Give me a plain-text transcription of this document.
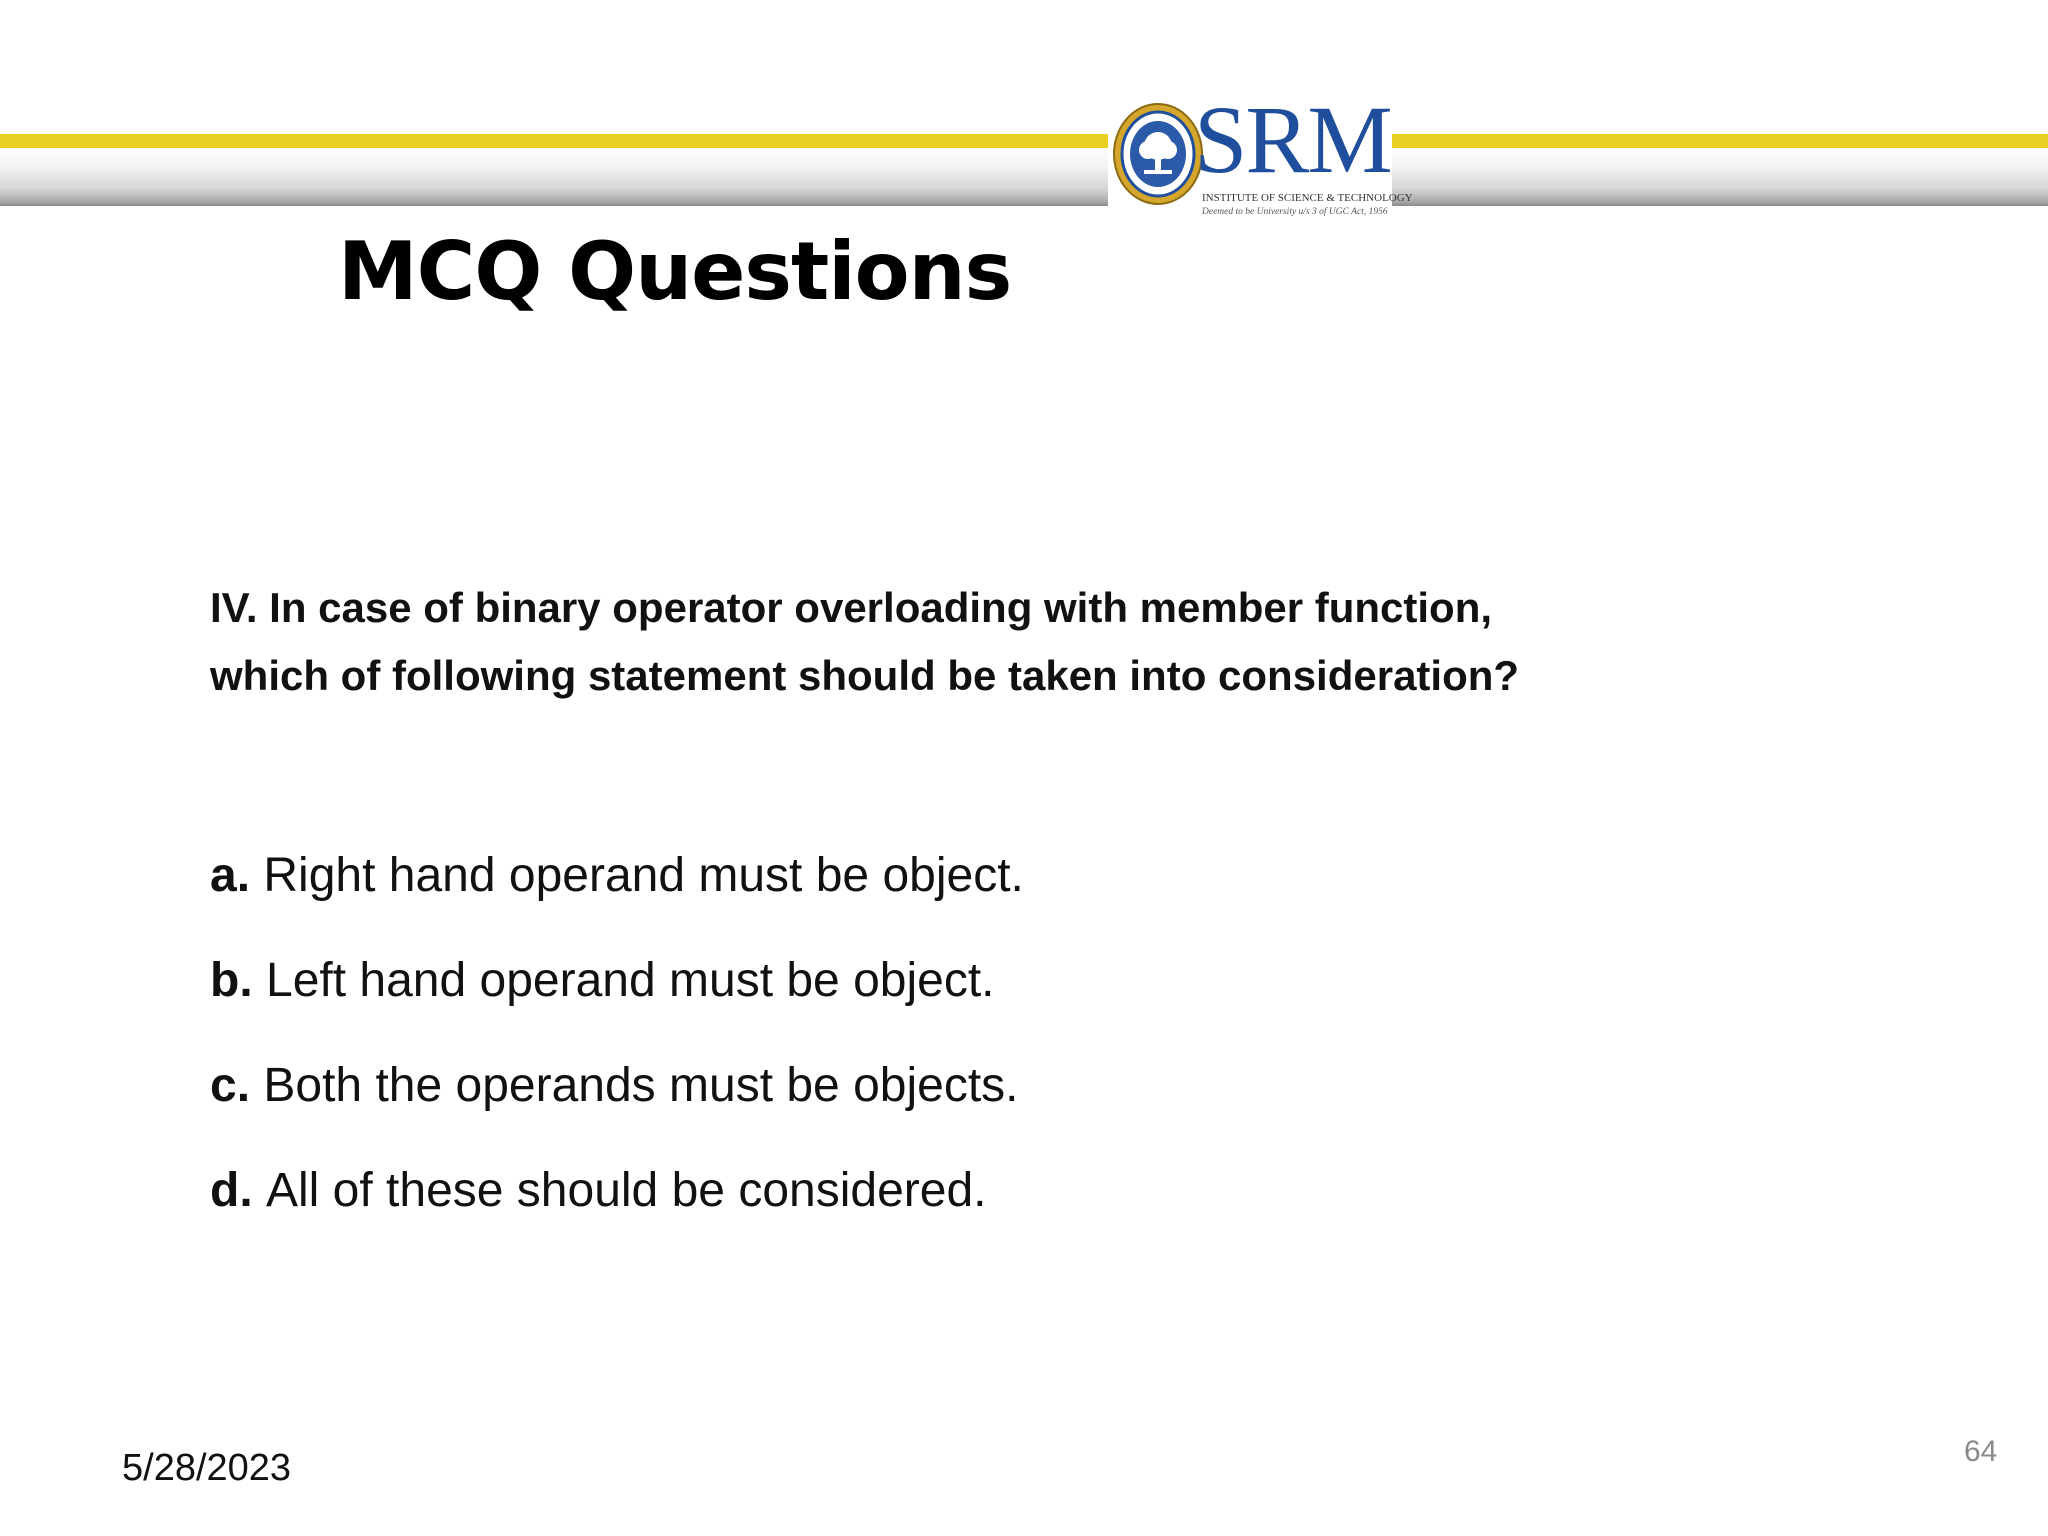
SRM
INSTITUTE OF SCIENCE & TECHNOLOGY
Deemed to be University u/s 3 of UGC Act, 1956
MCQ Questions
IV. In case of binary operator overloading with member function,
which of following statement should be taken into consideration?
a. Right hand operand must be object.
b. Left hand operand must be object.
c. Both the operands must be objects.
d. All of these should be considered.
5/28/2023	64
